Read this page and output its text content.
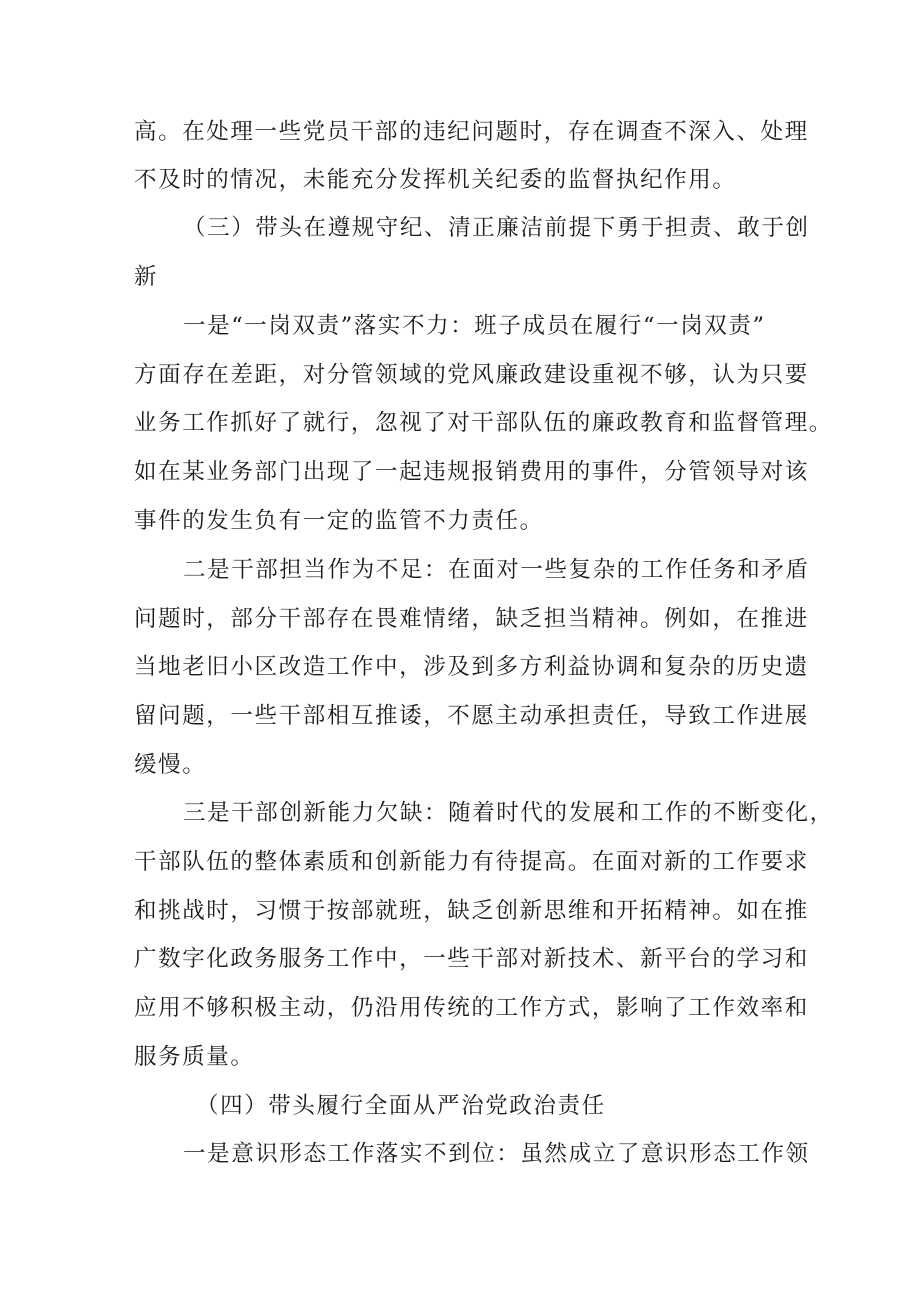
高。在处理一些党员干部的违纪问题时，存在调查不深入、处理

不及时的情况，未能充分发挥机关纪委的监督执纪作用。

（三）带头在遵规守纪、清正廉洁前提下勇于担责、敢于创

新

一是“一岗双责”落实不力：班子成员在履行“一岗双责”

方面存在差距，对分管领域的党风廉政建设重视不够，认为只要

业务工作抓好了就行，忽视了对干部队伍的廉政教育和监督管理。

如在某业务部门出现了一起违规报销费用的事件，分管领导对该

事件的发生负有一定的监管不力责任。

二是干部担当作为不足：在面对一些复杂的工作任务和矛盾

问题时，部分干部存在畏难情绪，缺乏担当精神。例如，在推进

当地老旧小区改造工作中，涉及到多方利益协调和复杂的历史遗

留问题，一些干部相互推诿，不愿主动承担责任，导致工作进展

缓慢。

三是干部创新能力欠缺：随着时代的发展和工作的不断变化，

干部队伍的整体素质和创新能力有待提高。在面对新的工作要求

和挑战时，习惯于按部就班，缺乏创新思维和开拓精神。如在推

广数字化政务服务工作中，一些干部对新技术、新平台的学习和

应用不够积极主动，仍沿用传统的工作方式，影响了工作效率和

服务质量。

（四）带头履行全面从严治党政治责任

一是意识形态工作落实不到位：虽然成立了意识形态工作领
